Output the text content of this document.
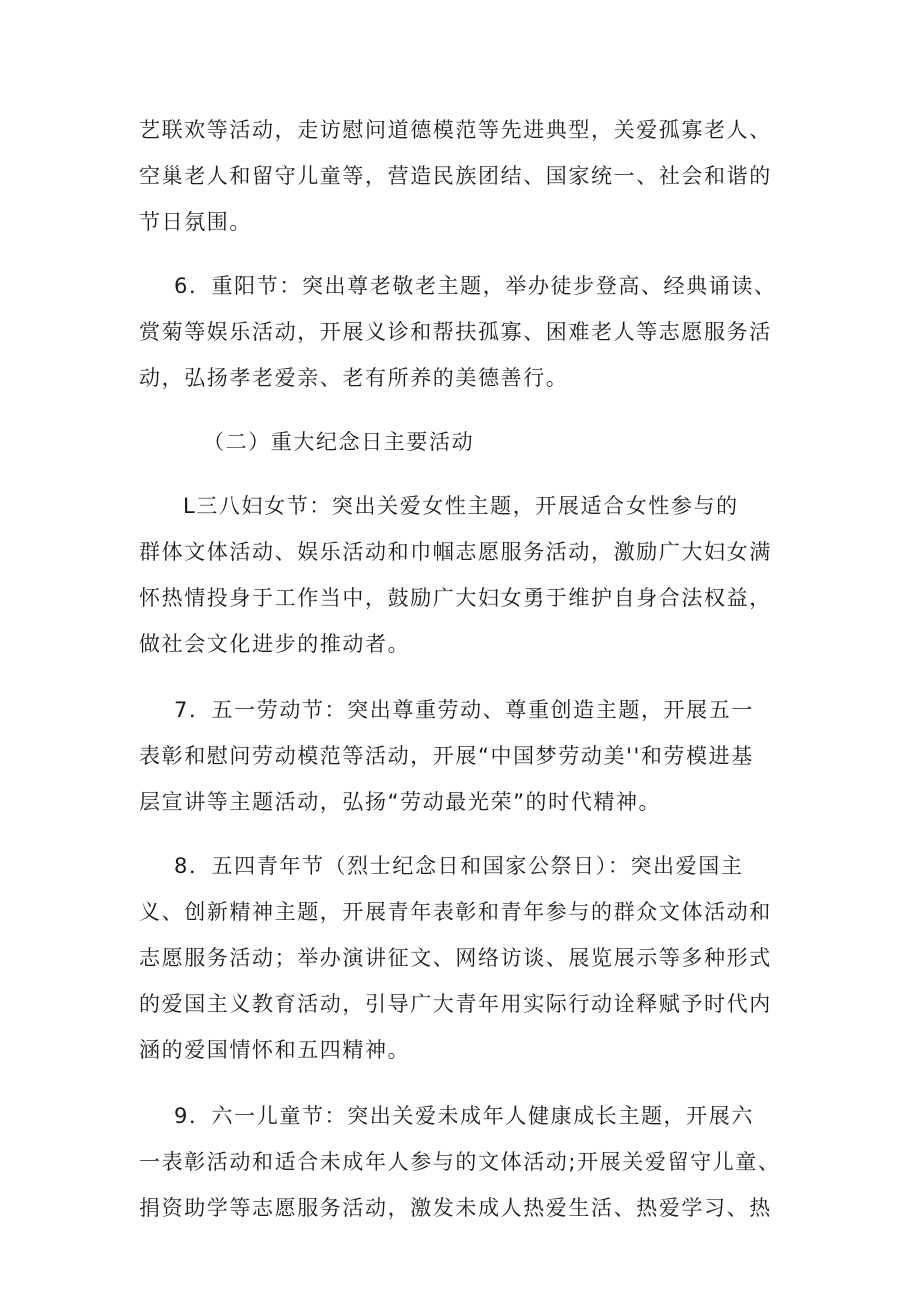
艺联欢等活动，走访慰问道德模范等先进典型，关爱孤寡老人、
空巢老人和留守儿童等，营造民族团结、国家统一、社会和谐的
节日氛围。
6．重阳节：突出尊老敬老主题，举办徒步登高、经典诵读、
赏菊等娱乐活动，开展义诊和帮扶孤寡、困难老人等志愿服务活
动，弘扬孝老爱亲、老有所养的美德善行。
（二）重大纪念日主要活动
L三八妇女节：突出关爱女性主题，开展适合女性参与的
群体文体活动、娱乐活动和巾帼志愿服务活动，激励广大妇女满
怀热情投身于工作当中，鼓励广大妇女勇于维护自身合法权益，
做社会文化进步的推动者。
7．五一劳动节：突出尊重劳动、尊重创造主题，开展五一
表彰和慰问劳动模范等活动，开展“中国梦劳动美''和劳模进基
层宣讲等主题活动，弘扬“劳动最光荣”的时代精神。
8．五四青年节（烈士纪念日和国家公祭日）：突出爱国主
义、创新精神主题，开展青年表彰和青年参与的群众文体活动和
志愿服务活动；举办演讲征文、网络访谈、展览展示等多种形式
的爱国主义教育活动，引导广大青年用实际行动诠释赋予时代内
涵的爱国情怀和五四精神。
9．六一儿童节：突出关爱未成年人健康成长主题，开展六
一表彰活动和适合未成年人参与的文体活动;开展关爱留守儿童、
捐资助学等志愿服务活动，激发未成人热爱生活、热爱学习、热
